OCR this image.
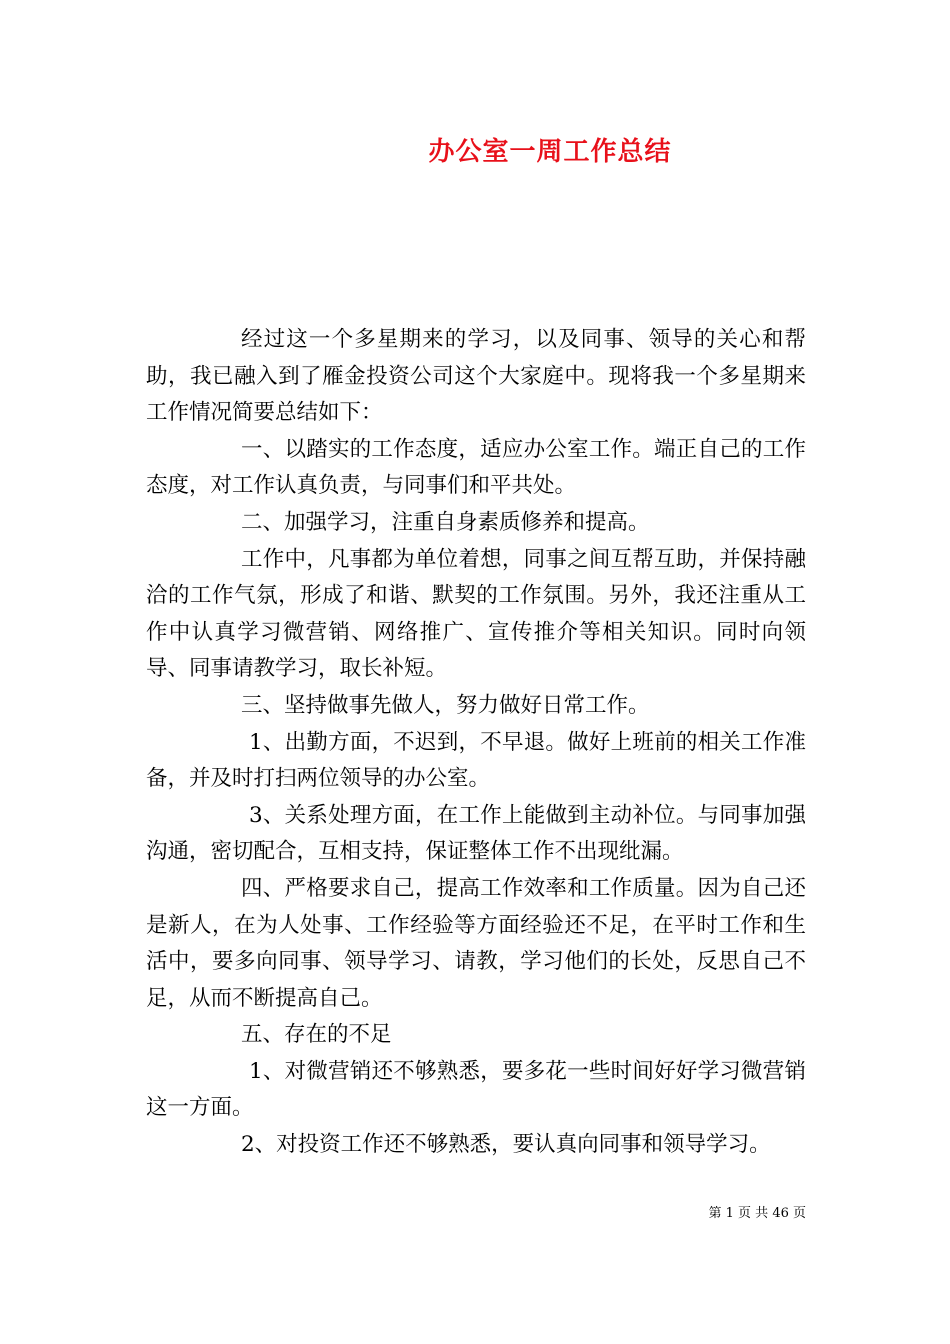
办公室一周工作总结

经过这一个多星期来的学习，以及同事、领导的关心和帮助，我已融入到了雁金投资公司这个大家庭中。现将我一个多星期来工作情况简要总结如下：

一、以踏实的工作态度，适应办公室工作。端正自己的工作态度，对工作认真负责，与同事们和平共处。

二、加强学习，注重自身素质修养和提高。

工作中，凡事都为单位着想，同事之间互帮互助，并保持融洽的工作气氛，形成了和谐、默契的工作氛围。另外，我还注重从工作中认真学习微营销、网络推广、宣传推介等相关知识。同时向领导、同事请教学习，取长补短。

三、坚持做事先做人，努力做好日常工作。

1、出勤方面，不迟到，不早退。做好上班前的相关工作准备，并及时打扫两位领导的办公室。

3、关系处理方面，在工作上能做到主动补位。与同事加强沟通，密切配合，互相支持，保证整体工作不出现纰漏。

四、严格要求自己，提高工作效率和工作质量。因为自己还是新人，在为人处事、工作经验等方面经验还不足，在平时工作和生活中，要多向同事、领导学习、请教，学习他们的长处，反思自己不足，从而不断提高自己。

五、存在的不足

1、对微营销还不够熟悉，要多花一些时间好好学习微营销这一方面。

2、对投资工作还不够熟悉，要认真向同事和领导学习。

第 1 页 共 46 页
